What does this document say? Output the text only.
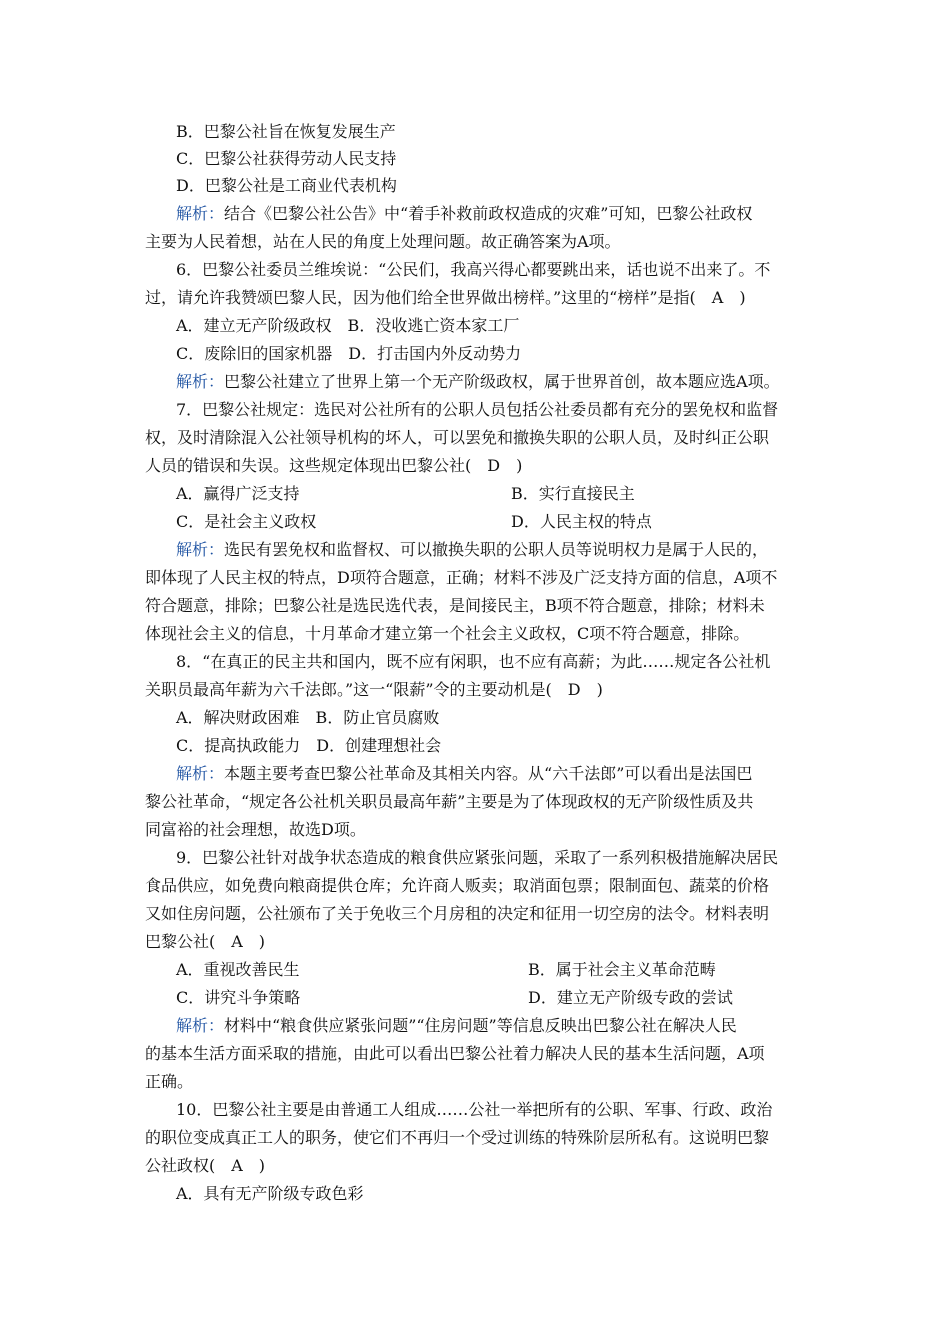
B．巴黎公社旨在恢复发展生产
C．巴黎公社获得劳动人民支持
D．巴黎公社是工商业代表机构
解析：结合《巴黎公社公告》中“着手补救前政权造成的灾难”可知，巴黎公社政权
主要为人民着想，站在人民的角度上处理问题。故正确答案为A项。
6．巴黎公社委员兰维埃说：“公民们，我高兴得心都要跳出来，话也说不出来了。不
过，请允许我赞颂巴黎人民，因为他们给全世界做出榜样。”这里的“榜样”是指(　A　)
A．建立无产阶级政权　B．没收逃亡资本家工厂
C．废除旧的国家机器　D．打击国内外反动势力
解析：巴黎公社建立了世界上第一个无产阶级政权，属于世界首创，故本题应选A项。
7．巴黎公社规定：选民对公社所有的公职人员包括公社委员都有充分的罢免权和监督
权，及时清除混入公社领导机构的坏人，可以罢免和撤换失职的公职人员，及时纠正公职
人员的错误和失误。这些规定体现出巴黎公社(　D　)
A．赢得广泛支持	B．实行直接民主
C．是社会主义政权	D．人民主权的特点
解析：选民有罢免权和监督权、可以撤换失职的公职人员等说明权力是属于人民的，
即体现了人民主权的特点，D项符合题意，正确；材料不涉及广泛支持方面的信息，A项不
符合题意，排除；巴黎公社是选民选代表，是间接民主，B项不符合题意，排除；材料未
体现社会主义的信息，十月革命才建立第一个社会主义政权，C项不符合题意，排除。
8．“在真正的民主共和国内，既不应有闲职，也不应有高薪；为此……规定各公社机
关职员最高年薪为六千法郎。”这一“限薪”令的主要动机是(　D　)
A．解决财政困难　B．防止官员腐败
C．提高执政能力　D．创建理想社会
解析：本题主要考查巴黎公社革命及其相关内容。从“六千法郎”可以看出是法国巴
黎公社革命，“规定各公社机关职员最高年薪”主要是为了体现政权的无产阶级性质及共
同富裕的社会理想，故选D项。
9．巴黎公社针对战争状态造成的粮食供应紧张问题，采取了一系列积极措施解决居民
食品供应，如免费向粮商提供仓库；允许商人贩卖；取消面包票；限制面包、蔬菜的价格
又如住房问题，公社颁布了关于免收三个月房租的决定和征用一切空房的法令。材料表明
巴黎公社(　A　)
A．重视改善民生	B．属于社会主义革命范畴
C．讲究斗争策略	D．建立无产阶级专政的尝试
解析：材料中“粮食供应紧张问题”“住房问题”等信息反映出巴黎公社在解决人民
的基本生活方面采取的措施，由此可以看出巴黎公社着力解决人民的基本生活问题，A项
正确。
10．巴黎公社主要是由普通工人组成……公社一举把所有的公职、军事、行政、政治
的职位变成真正工人的职务，使它们不再归一个受过训练的特殊阶层所私有。这说明巴黎
公社政权(　A　)
A．具有无产阶级专政色彩
